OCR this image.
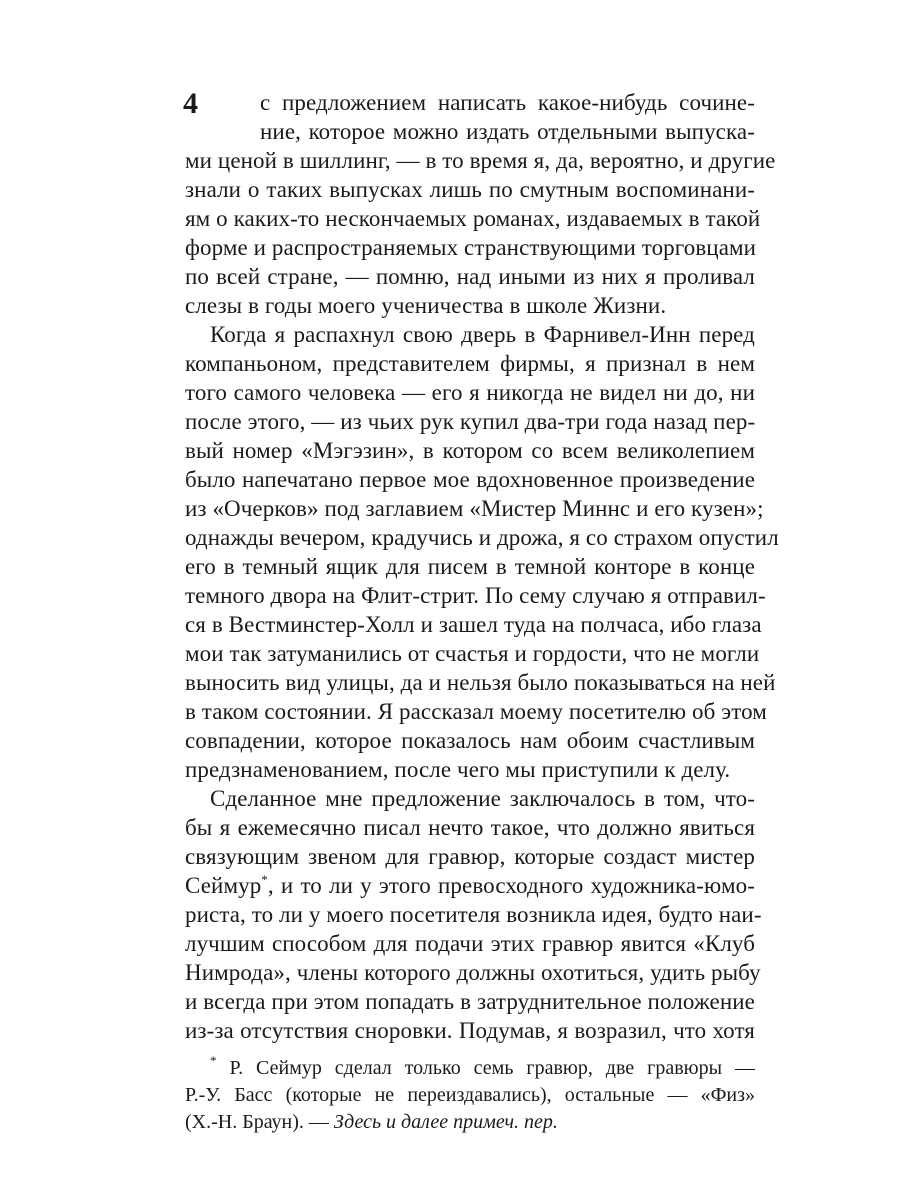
4	с предложением написать какое-нибудь сочине-
ние, которое можно издать отдельными выпуска-
ми ценой в шиллинг, — в то время я, да, вероятно, и другие
знали о таких выпусках лишь по смутным воспоминани-
ям о каких-то нескончаемых романах, издаваемых в такой
форме и распространяемых странствующими торговцами
по всей стране, — помню, над иными из них я проливал
слезы в годы моего ученичества в школе Жизни.
Когда я распахнул свою дверь в Фарнивел-Инн перед
компаньоном, представителем фирмы, я признал в нем
того самого человека — его я никогда не видел ни до, ни
после этого, — из чьих рук купил два-три года назад пер-
вый номер «Мэгэзин», в котором со всем великолепием
было напечатано первое мое вдохновенное произведение
из «Очерков» под заглавием «Мистер Миннс и его кузен»;
однажды вечером, крадучись и дрожа, я со страхом опустил
его в темный ящик для писем в темной конторе в конце
темного двора на Флит-стрит. По сему случаю я отправил-
ся в Вестминстер-Холл и зашел туда на полчаса, ибо глаза
мои так затуманились от счастья и гордости, что не могли
выносить вид улицы, да и нельзя было показываться на ней
в таком состоянии. Я рассказал моему посетителю об этом
совпадении, которое показалось нам обоим счастливым
предзнаменованием, после чего мы приступили к делу.
Сделанное мне предложение заключалось в том, что-
бы я ежемесячно писал нечто такое, что должно явиться
связующим звеном для гравюр, которые создаст мистер
Сеймур*, и то ли у этого превосходного художника-юмо-
риста, то ли у моего посетителя возникла идея, будто наи-
лучшим способом для подачи этих гравюр явится «Клуб
Нимрода», члены которого должны охотиться, удить рыбу
и всегда при этом попадать в затруднительное положение
из-за отсутствия сноровки. Подумав, я возразил, что хотя
* Р. Сеймур сделал только семь гравюр, две гравюры —
Р.-У. Басс (которые не переиздавались), остальные — «Физ»
(Х.-Н. Браун). — Здесь и далее примеч. пер.
